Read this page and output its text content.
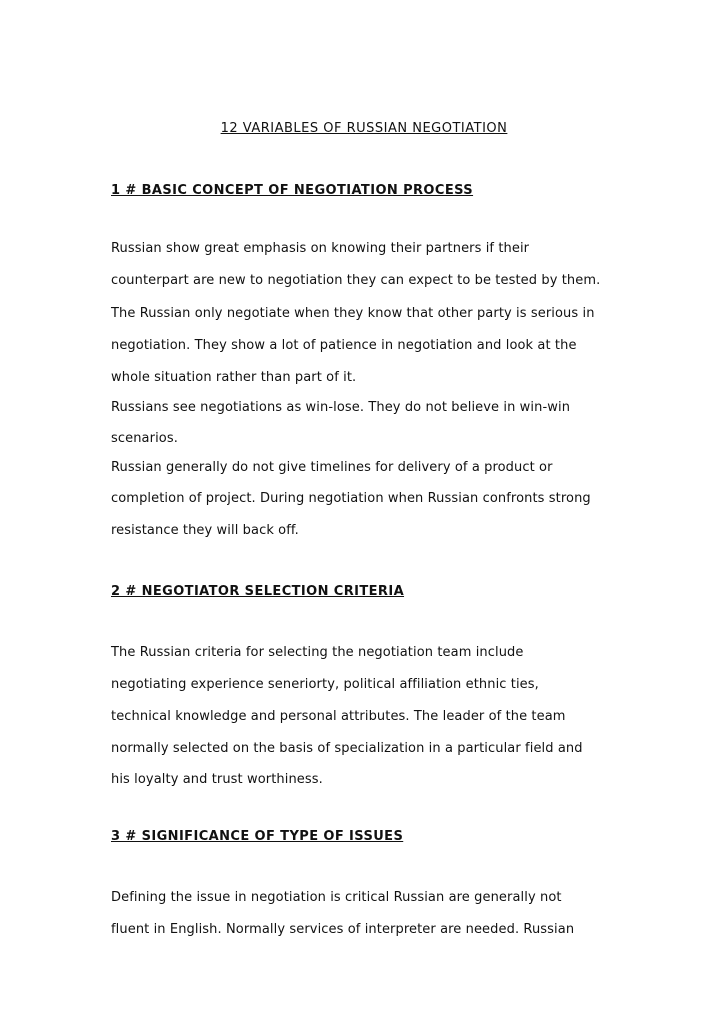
12 VARIABLES OF RUSSIAN NEGOTIATION
1 # BASIC CONCEPT OF NEGOTIATION PROCESS
Russian show great emphasis on knowing their partners if their
counterpart are new to negotiation they can expect to be tested by them.
The Russian only negotiate when they know that other party is serious in
negotiation. They show a lot of patience in negotiation and look at the
whole situation rather than part of it.
Russians see negotiations as win-lose. They do not believe in win-win
scenarios.
Russian generally do not give timelines for delivery of a product or
completion of project. During negotiation when Russian confronts strong
resistance they will back off.
2 # NEGOTIATOR SELECTION CRITERIA
The Russian criteria for selecting the negotiation team include
negotiating experience seneriorty, political affiliation ethnic ties,
technical knowledge and personal attributes. The leader of the team
normally selected on the basis of specialization in a particular field and
his loyalty and trust worthiness.
3 # SIGNIFICANCE OF TYPE OF ISSUES
Defining the issue in negotiation is critical Russian are generally not
fluent in English. Normally services of interpreter are needed. Russian
